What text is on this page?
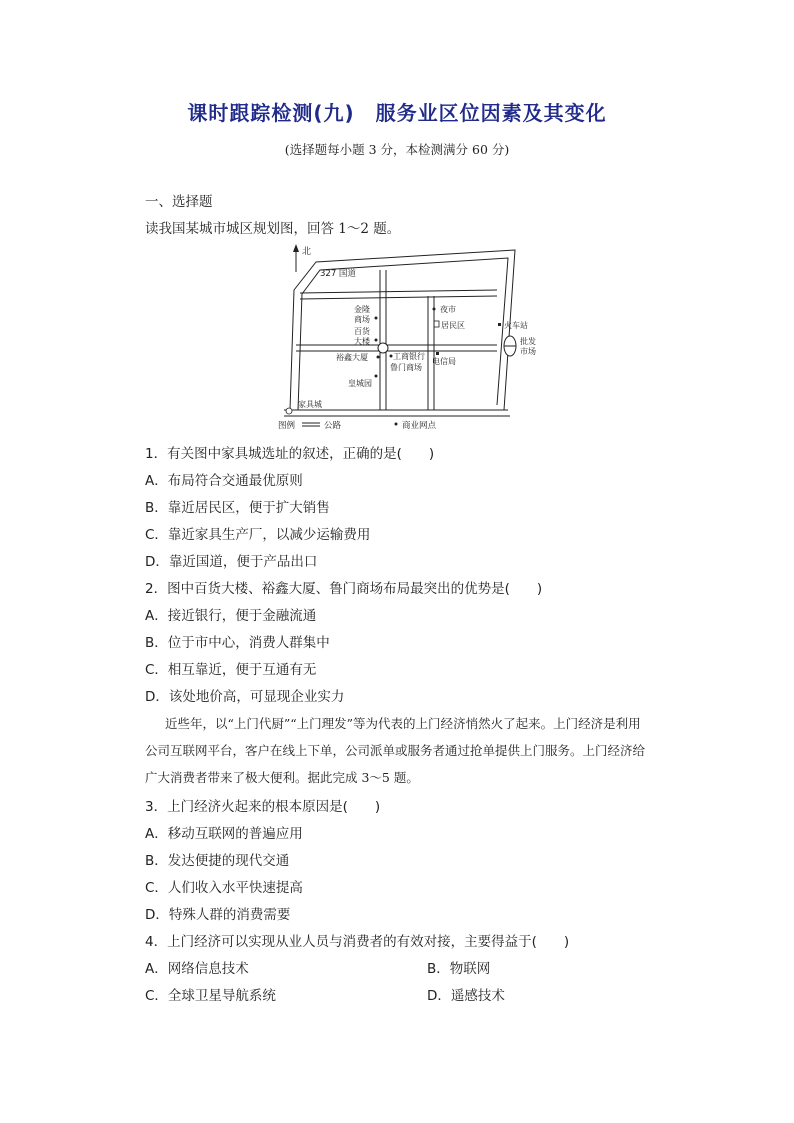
课时跟踪检测(九)　服务业区位因素及其变化
(选择题每小题 3 分，本检测满分 60 分)
一、选择题
读我国某城市城区规划图，回答 1～2 题。
北
327 国道
金隆
商场
百货
大楼
裕鑫大厦
夜市
居民区	火车站
批发
市场
工商银行
鲁门商场
电信局
皇城园
家具城
图例	公路	商业网点
1．有关图中家具城选址的叙述，正确的是(　　)
A．布局符合交通最优原则
B．靠近居民区，便于扩大销售
C．靠近家具生产厂，以减少运输费用
D．靠近国道，便于产品出口
2．图中百货大楼、裕鑫大厦、鲁门商场布局最突出的优势是(　　)
A．接近银行，便于金融流通
B．位于市中心，消费人群集中
C．相互靠近，便于互通有无
D．该处地价高，可显现企业实力
近些年，以“上门代厨”“上门理发”等为代表的上门经济悄然火了起来。上门经济是利用
公司互联网平台，客户在线上下单，公司派单或服务者通过抢单提供上门服务。上门经济给
广大消费者带来了极大便利。据此完成 3～5 题。
3．上门经济火起来的根本原因是(　　)
A．移动互联网的普遍应用
B．发达便捷的现代交通
C．人们收入水平快速提高
D．特殊人群的消费需要
4．上门经济可以实现从业人员与消费者的有效对接，主要得益于(　　)
A．网络信息技术	B．物联网
C．全球卫星导航系统	D．遥感技术
